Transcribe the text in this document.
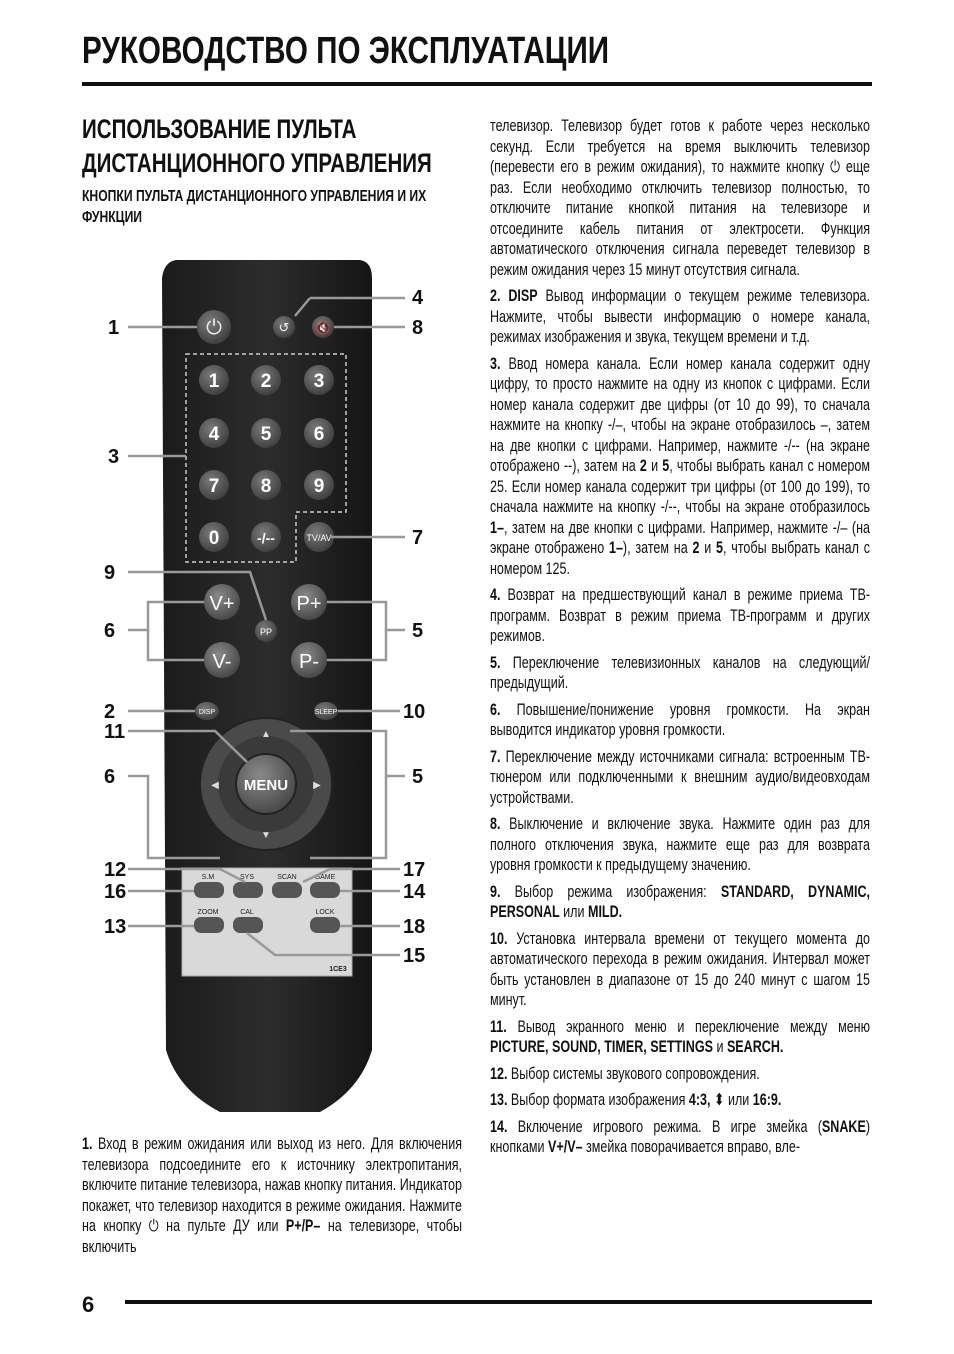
РУКОВОДСТВО ПО ЭКСПЛУАТАЦИИ
ИСПОЛЬЗОВАНИЕ ПУЛЬТА ДИСТАНЦИОННОГО УПРАВЛЕНИЯ
КНОПКИ ПУЛЬТА ДИСТАНЦИОННОГО УПРАВЛЕНИЯ И ИХ ФУНКЦИИ
⏻	↺ 🔇
1 2 3
4 5 6
7 8 9
0	-/--	TV/AV
V+
V-
PP
P+
P-
DISP	SLEEP
▲
▼
◀	▶
MENU
S.M	SYS	SCAN	GAME
ZOOM	CAL	LOCK
1CE3
1
4
8
3
7
9
6	5
2	10
11
6	5
12	17
16	14
13	18
15

1. Вход в режим ожидания или выход из него. Для включения телевизора подсоедините его к источнику электропитания, включите питание телевизора, нажав кнопку питания. Индикатор покажет, что телевизор находится в режиме ожидания. Нажмите на кнопку ⏻ на пульте ДУ или P+/P– на телевизоре, чтобы включить

телевизор. Телевизор будет готов к работе через несколько секунд. Если требуется на время выключить телевизор (перевести его в режим ожидания), то нажмите кнопку ⏻ еще раз. Если необходимо отключить телевизор полностью, то отключите питание кнопкой питания на телевизоре и отсоедините кабель питания от электросети. Функция автоматического отключения сигнала переведет телевизор в режим ожидания через 15 минут отсутствия сигнала.

2. DISP Вывод информации о текущем режиме телевизора. Нажмите, чтобы вывести информацию о номере канала, режимах изображения и звука, текущем времени и т.д.

3. Ввод номера канала. Если номер канала содержит одну цифру, то просто нажмите на одну из кнопок с цифрами. Если номер канала содержит две цифры (от 10 до 99), то сначала нажмите на кнопку -/–, чтобы на экране отобразилось –, затем на две кнопки с цифрами. Например, нажмите -/-- (на экране отображено --), затем на 2 и 5, чтобы выбрать канал с номером 25. Если номер канала содержит три цифры (от 100 до 199), то сначала нажмите на кнопку -/--, чтобы на экране отобразилось 1–, затем на две кнопки с цифрами. Например, нажмите -/– (на экране отображено 1–), затем на 2 и 5, чтобы выбрать канал с номером 125.

4. Возврат на предшествующий канал в режиме приема ТВ-программ. Возврат в режим приема ТВ-программ и других режимов.

5. Переключение телевизионных каналов на следующий/предыдущий.

6. Повышение/понижение уровня громкости. На экран выводится индикатор уровня громкости.

7. Переключение между источниками сигнала: встроенным ТВ-тюнером или подключенными к внешним аудио/видеовходам устройствами.

8. Выключение и включение звука. Нажмите один раз для полного отключения звука, нажмите еще раз для возврата уровня громкости к предыдущему значению.

9. Выбор режима изображения: STANDARD, DYNAMIC, PERSONAL или MILD.

10. Установка интервала времени от текущего момента до автоматического перехода в режим ожидания. Интервал может быть установлен в диапазоне от 15 до 240 минут с шагом 15 минут.

11. Вывод экранного меню и переключение между меню PICTURE, SOUND, TIMER, SETTINGS и SEARCH.

12. Выбор системы звукового сопровождения.

13. Выбор формата изображения 4:3, ⬍ или 16:9.

14. Включение игрового режима. В игре змейка (SNAKE) кнопками V+/V– змейка поворачивается вправо, вле-

6
